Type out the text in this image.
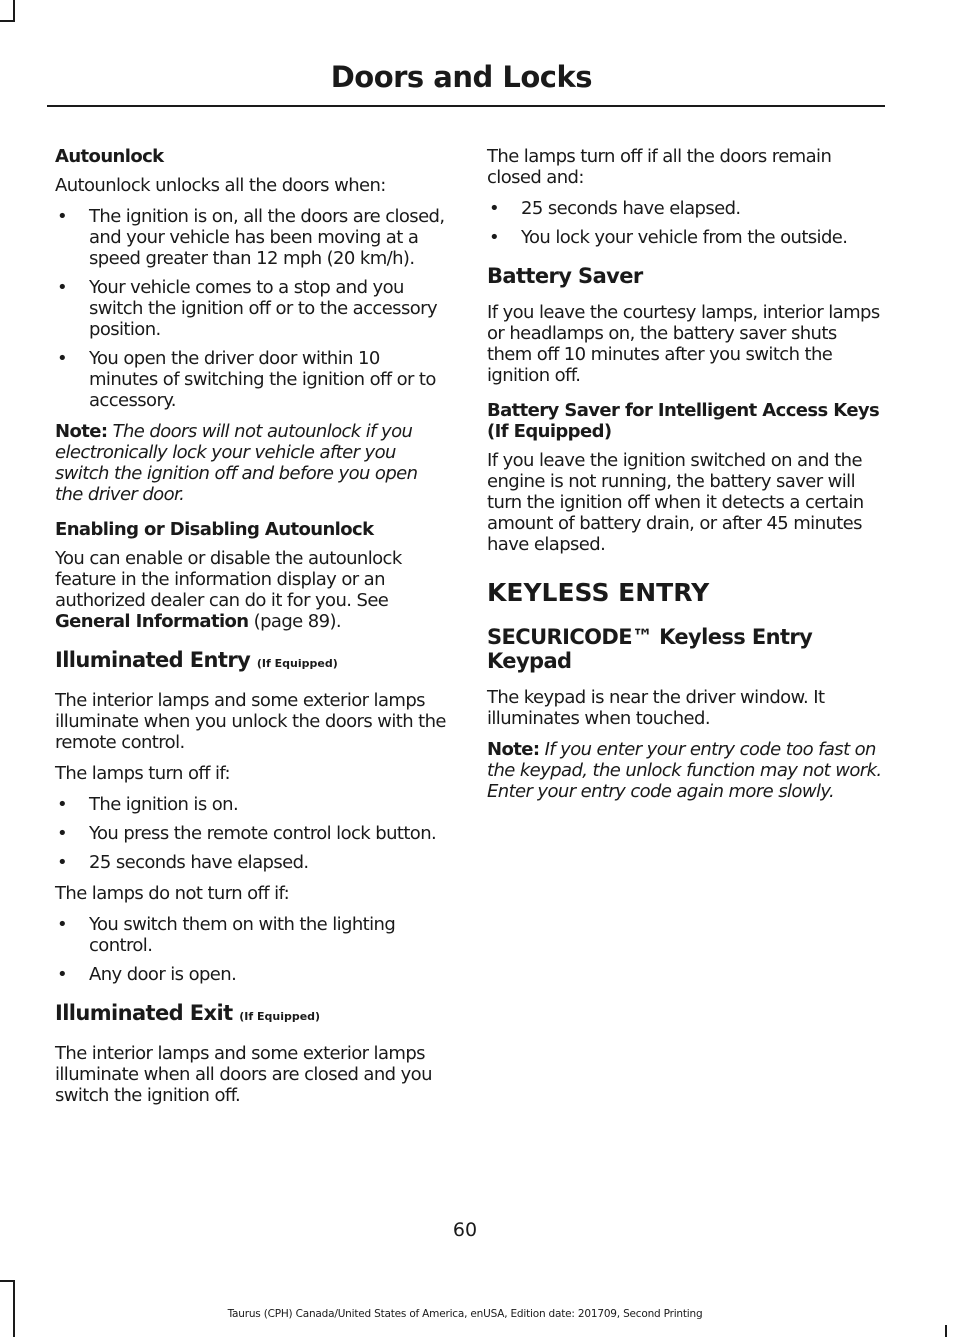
Doors and Locks
Autounlock

Autounlock unlocks all the doors when:

• The ignition is on, all the doors are closed, and your vehicle has been moving at a speed greater than 12 mph (20 km/h).
• Your vehicle comes to a stop and you switch the ignition off or to the accessory position.
• You open the driver door within 10 minutes of switching the ignition off or to accessory.

Note: The doors will not autounlock if you electronically lock your vehicle after you switch the ignition off and before you open the driver door.

Enabling or Disabling Autounlock

You can enable or disable the autounlock feature in the information display or an authorized dealer can do it for you. See General Information (page 89).

Illuminated Entry (If Equipped)

The interior lamps and some exterior lamps illuminate when you unlock the doors with the remote control.

The lamps turn off if:

• The ignition is on.
• You press the remote control lock button.
• 25 seconds have elapsed.

The lamps do not turn off if:

• You switch them on with the lighting control.
• Any door is open.
Illuminated Exit (If Equipped)

The interior lamps and some exterior lamps illuminate when all doors are closed and you switch the ignition off.

The lamps turn off if all the doors remain closed and:

• 25 seconds have elapsed.
• You lock your vehicle from the outside.
Battery Saver

If you leave the courtesy lamps, interior lamps or headlamps on, the battery saver shuts them off 10 minutes after you switch the ignition off.

Battery Saver for Intelligent Access Keys (If Equipped)

If you leave the ignition switched on and the engine is not running, the battery saver will turn the ignition off when it detects a certain amount of battery drain, or after 45 minutes have elapsed.

KEYLESS ENTRY
SECURICODE™ Keyless Entry Keypad

The keypad is near the driver window. It illuminates when touched.

Note: If you enter your entry code too fast on the keypad, the unlock function may not work. Enter your entry code again more slowly.

60
Taurus (CPH) Canada/United States of America, enUSA, Edition date: 201709, Second Printing
